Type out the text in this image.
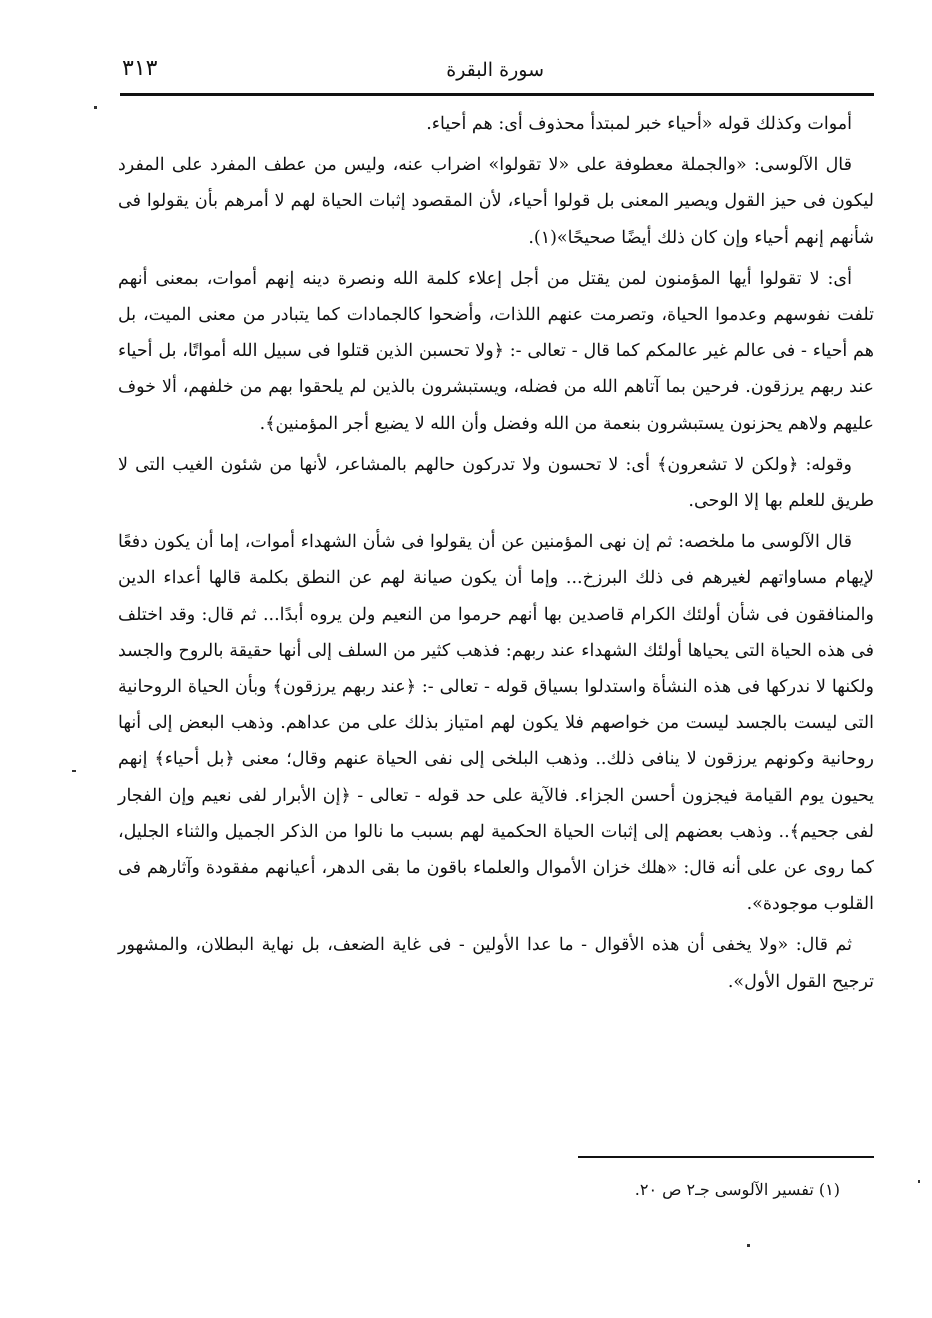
سورة البقرة
٣١٣

أموات وكذلك قوله «أحياء خبر لمبتدأ محذوف أى: هم أحياء.

قال الآلوسى: «والجملة معطوفة على «لا تقولوا» اضراب عنه، وليس من عطف المفرد على المفرد ليكون فى حيز القول ويصير المعنى بل قولوا أحياء، لأن المقصود إثبات الحياة لهم لا أمرهم بأن يقولوا فى شأنهم إنهم أحياء وإن كان ذلك أيضًا صحيحًا»(١).

أى: لا تقولوا أيها المؤمنون لمن يقتل من أجل إعلاء كلمة الله ونصرة دينه إنهم أموات، بمعنى أنهم تلفت نفوسهم وعدموا الحياة، وتصرمت عنهم اللذات، وأضحوا كالجمادات كما يتبادر من معنى الميت، بل هم أحياء - فى عالم غير عالمكم كما قال - تعالى -: ﴿ولا تحسبن الذين قتلوا فى سبيل الله أمواتًا، بل أحياء عند ربهم يرزقون. فرحين بما آتاهم الله من فضله، ويستبشرون بالذين لم يلحقوا بهم من خلفهم، ألا خوف عليهم ولاهم يحزنون يستبشرون بنعمة من الله وفضل وأن الله لا يضيع أجر المؤمنين﴾.

وقوله: ﴿ولكن لا تشعرون﴾ أى: لا تحسون ولا تدركون حالهم بالمشاعر، لأنها من شئون الغيب التى لا طريق للعلم بها إلا الوحى.

قال الآلوسى ما ملخصه: ثم إن نهى المؤمنين عن أن يقولوا فى شأن الشهداء أموات، إما أن يكون دفعًا لإيهام مساواتهم لغيرهم فى ذلك البرزخ... وإما أن يكون صيانة لهم عن النطق بكلمة قالها أعداء الدين والمنافقون فى شأن أولئك الكرام قاصدين بها أنهم حرموا من النعيم ولن يروه أبدًا... ثم قال: وقد اختلف فى هذه الحياة التى يحياها أولئك الشهداء عند ربهم: فذهب كثير من السلف إلى أنها حقيقة بالروح والجسد ولكنها لا ندركها فى هذه النشأة واستدلوا بسياق قوله - تعالى -: ﴿عند ربهم يرزقون﴾ وبأن الحياة الروحانية التى ليست بالجسد ليست من خواصهم فلا يكون لهم امتياز بذلك على من عداهم. وذهب البعض إلى أنها روحانية وكونهم يرزقون لا ينافى ذلك.. وذهب البلخى إلى نفى الحياة عنهم وقال؛ معنى ﴿بل أحياء﴾ إنهم يحيون يوم القيامة فيجزون أحسن الجزاء. فالآية على حد قوله - تعالى - ﴿إن الأبرار لفى نعيم وإن الفجار لفى جحيم﴾.. وذهب بعضهم إلى إثبات الحياة الحكمية لهم بسبب ما نالوا من الذكر الجميل والثناء الجليل، كما روى عن على أنه قال: «هلك خزان الأموال والعلماء باقون ما بقى الدهر، أعيانهم مفقودة وآثارهم فى القلوب موجودة».

ثم قال: «ولا يخفى أن هذه الأقوال - ما عدا الأولين - فى غاية الضعف، بل نهاية البطلان، والمشهور ترجيح القول الأول».

(١) تفسير الآلوسى جـ٢ ص ٢٠.
